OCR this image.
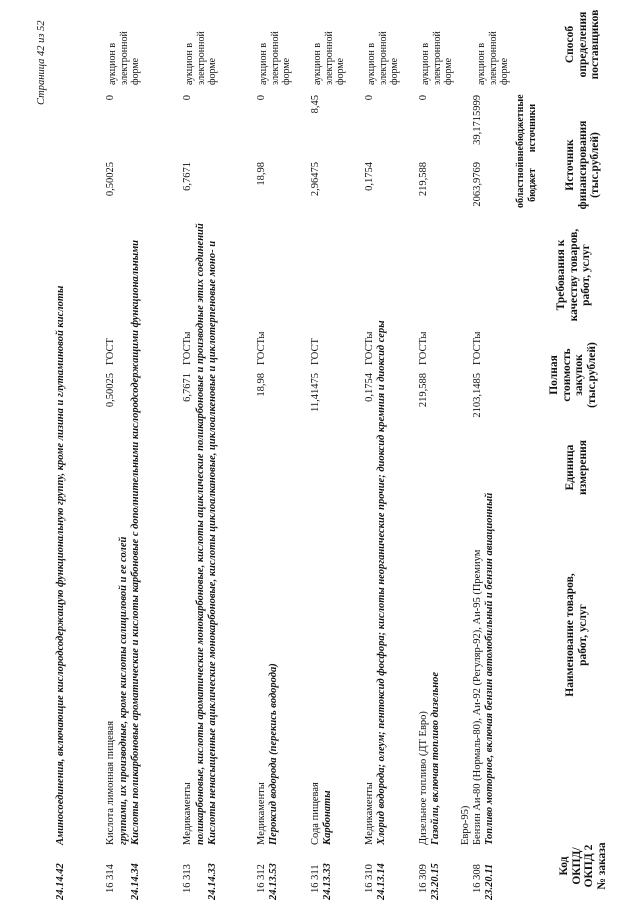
Код ОКПД/ ОКПД 2 № заказа
Наименование товаров, работ, услуг
Единица измерения
Полная стоимость закупок (тыс.рублей)
Требования к качеству товаров, работ, услуг
Источник финансирования (тыс.рублей)
областной бюджет
внебюджетные источники
Способ определения поставщиков
23.20.11
Топливо моторное, включая бензин автомобильный и бензин авиационный
16 308
Бензин Аи-80 (Нормаль-80), Аи-92 (Регуляр-92), Аи-95 (Премиум
Евро-95)
2103,1485
ГОСТы
2063,9769
39,1715999
аукцион в электронной форме
23.20.15
Газойли, включая топливо дизельное
16 309
Дизельное топливо (ДТ Евро)
219,588
ГОСТы
219,588
0
аукцион в электронной форме
24.13.14
Хлорид водорода; олеум; пентоксид фосфора; кислоты неорганические прочие; диоксид кремния и диоксид серы
16 310
Медикаменты
0,1754
ГОСТы
0,1754
0
аукцион в электронной форме
24.13.33
Карбонаты
16 311
Сода пищевая
11,41475
ГОСТ
2,96475
8,45
аукцион в электронной форме
24.13.53
Пероксид водорода (перекись водорода)
16 312
Медикаменты
18,98
ГОСТы
18,98
0
аукцион в электронной форме
24.14.33
Кислоты ненасыщенные ациклические монокарбоновые, кислоты циклоалкановые, циклоалкеновые и циклотерпеновые моно- и
поликарбоновые, кислоты ароматические монокарбоновые, кислоты ациклические поликарбоновые и производные этих соединений
16 313
Медикаменты
6,7671
ГОСТы
6,7671
0
аукцион в электронной форме
24.14.34
Кислоты поликарбоновые ароматические и кислоты карбоновые с дополнительными кислородсодержащими функциональными
группами, их производные, кроме кислоты салициловой и ее солей
16 314
Кислота лимонная пищевая
0,50025
ГОСТ
0,50025
0
аукцион в электронной форме
24.14.42
Аминосоединения, включающие кислородсодержащую функциональную группу, кроме лизина и глутаминовой кислоты
Страница 42 из 52
